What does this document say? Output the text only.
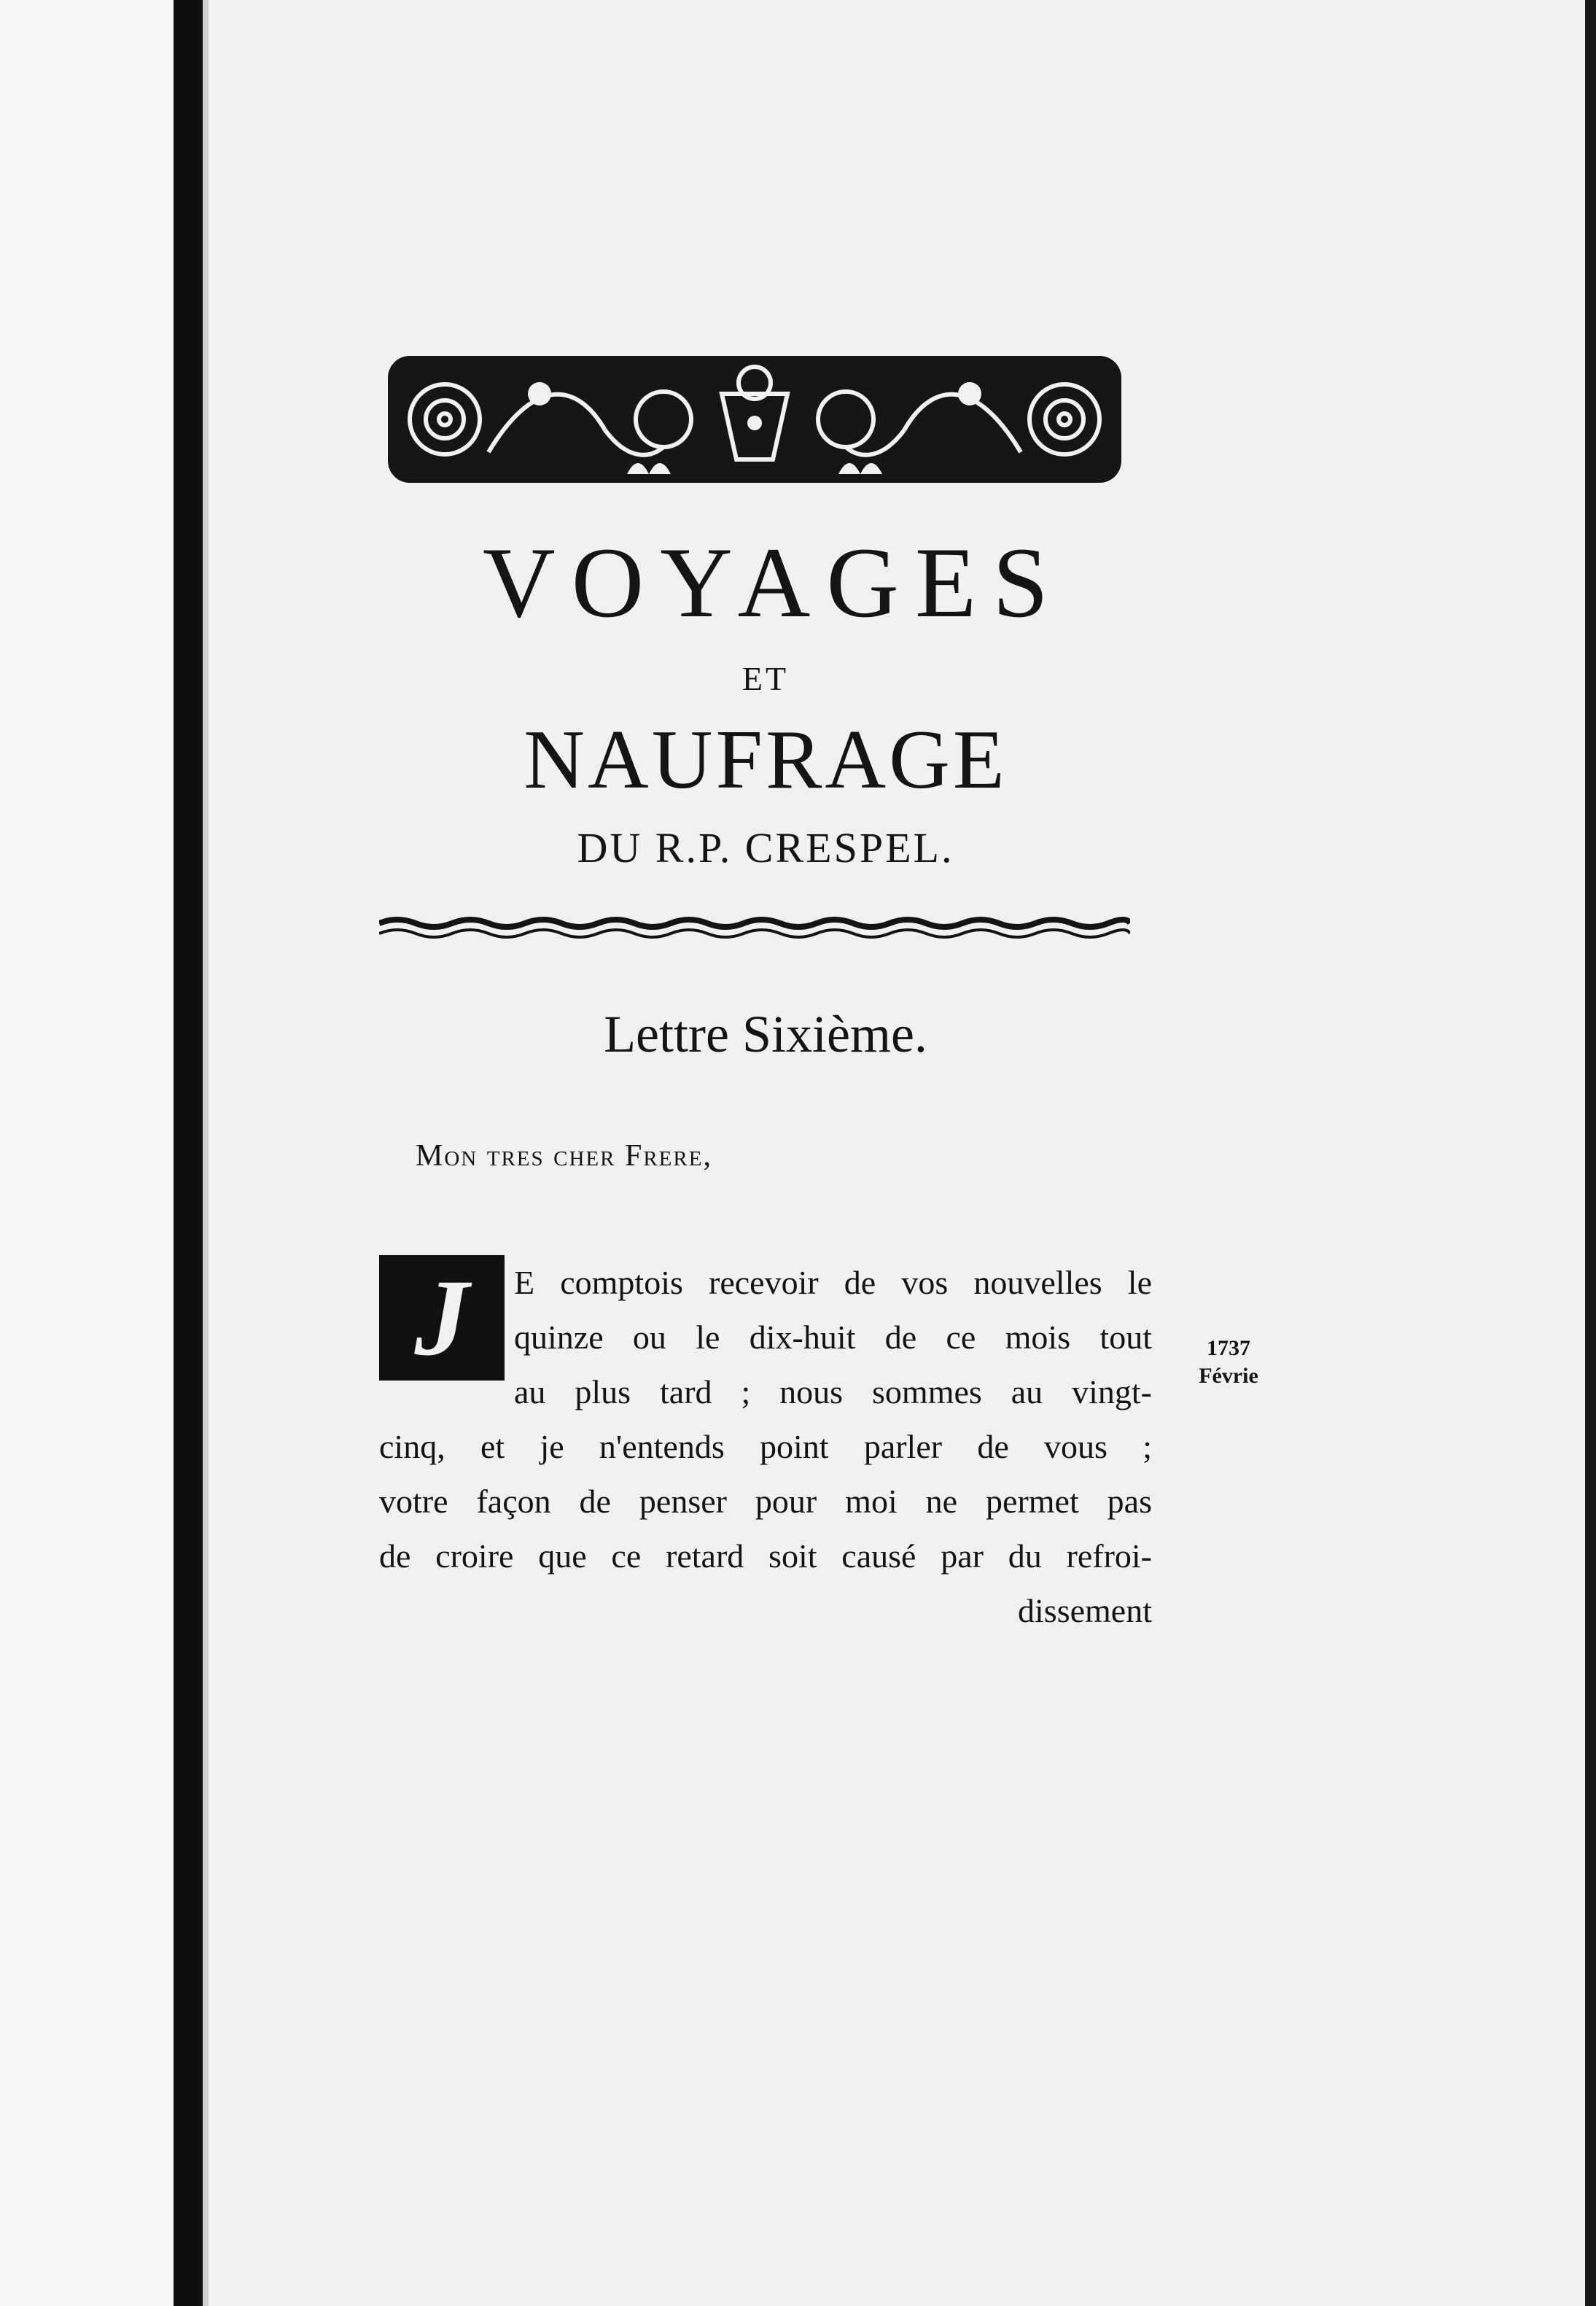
VOYAGES
ET
NAUFRAGE
DU R.P. CRESPEL.
Lettre Sixième.
Mon tres cher Frere,
J	E comptois recevoir de vos nouvelles le
quinze ou le dix-huit de ce mois tout
au plus tard ; nous sommes au vingt-
cinq, et je n'entends point parler de vous ;
votre façon de penser pour moi ne permet pas
de croire que ce retard soit causé par du refroi-
dissement
1737
Févrie
